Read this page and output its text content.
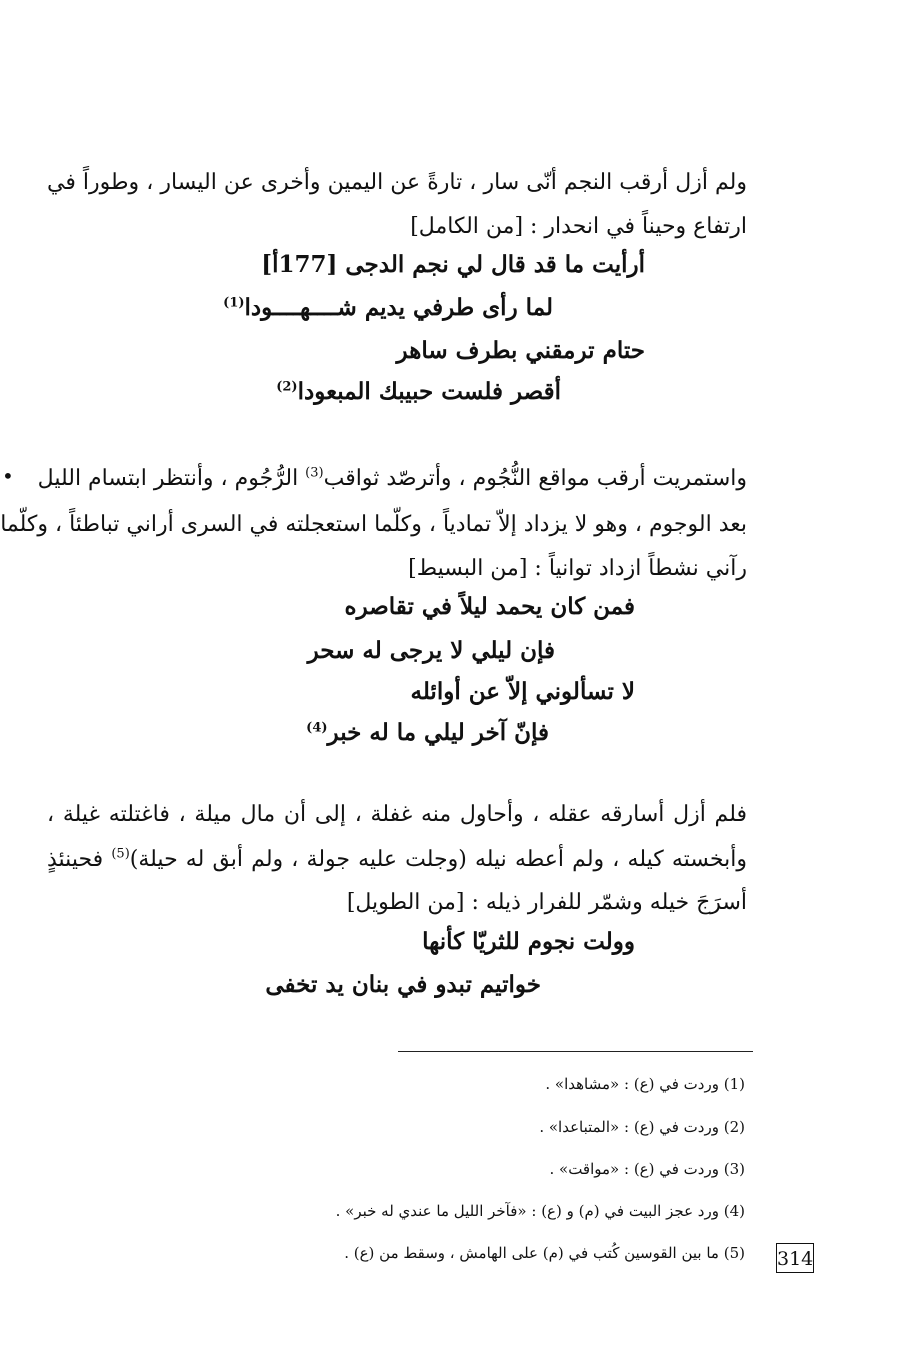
ولم أزل أرقب النجم أنّى سار ، تارةً عن اليمين وأخرى عن اليسار ، وطوراً في
ارتفاع وحيناً في انحدار : [من الكامل]
أرأيت ما قد قال لي نجم الدجى [177أ]
لما رأى طرفي يديم شــــهــــودا$^{(1)}$
حتام ترمقني بطرف ساهر
أقصر فلست حبيبك المبعودا$^{(2)}$
واستمريت أرقب مواقع النُّجُوم ، وأترصّد ثواقب$^{(3)}$ الرُّجُوم ، وأنتظر ابتسام الليل
بعد الوجوم ، وهو لا يزداد إلاّ تمادياً ، وكلّما استعجلته في السرى أراني تباطئاً ، وكلّما
رآني نشطاً ازداد توانياً : [من البسيط]
فمن كان يحمد ليلاً في تقاصره
فإن ليلي لا يرجى له سحر
لا تسألوني إلاّ عن أوائله
فإنّ آخر ليلي ما له خبر$^{(4)}$
فلم أزل أسارقه عقله ، وأحاول منه غفلة ، إلى أن مال ميلة ، فاغتلته غيلة ،
وأبخسته كيله ، ولم أعطه نيله (وجلت عليه جولة ، ولم أبق له حيلة)$^{(5)}$ فحينئذٍ
أسرَجَ خيله وشمّر للفرار ذيله : [من الطويل]
وولت نجوم للثريّا كأنها
خواتيم تبدو في بنان يد تخفى
(1) وردت في (ع) : «مشاهدا» .
(2) وردت في (ع) : «المتباعدا» .
(3) وردت في (ع) : «مواقت» .
(4) ورد عجز البيت في (م) و (ع) : «فآخر الليل ما عندي له خبر» .
(5) ما بين القوسين كُتب في (م) على الهامش ، وسقط من (ع) . 314
•
